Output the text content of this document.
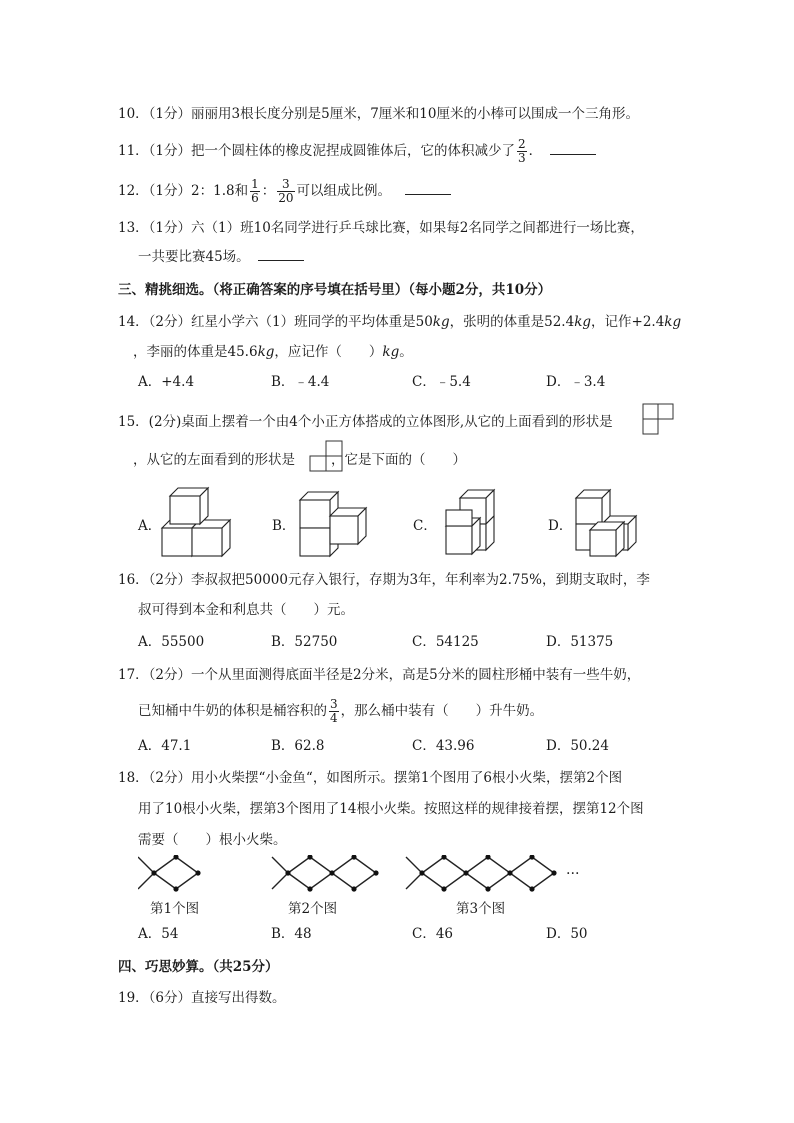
10．（1分）丽丽用3根长度分别是5厘米，7厘米和10厘米的小棒可以围成一个三角形。
11．（1分）把一个圆柱体的橡皮泥捏成圆锥体后，它的体积减少了 $\frac{2}{3}$ ．
12．（1分）2：1.8和 $\frac{1}{6}$ ： $\frac{3}{20}$ 可以组成比例。
13．（1分）六（1）班10名同学进行乒乓球比赛，如果每2名同学之间都进行一场比赛，
一共要比赛45场。
三、精挑细选。（将正确答案的序号填在括号里）（每小题2分，共10分）
14．（2分）红星小学六（1）班同学的平均体重是50kg，张明的体重是52.4kg，记作+2.4kg
，李丽的体重是45.6kg，应记作（　　）kg。
A．+4.4	B．﹣4.4	C．﹣5.4	D．﹣3.4
15．(2分)桌面上摆着一个由4个小正方体搭成的立体图形,从它的上面看到的形状是
，从它的左面看到的形状是	，它是下面的（　　）
A．	B．	C．	D．
16．（2分）李叔叔把50000元存入银行，存期为3年，年利率为2.75%，到期支取时，李
叔可得到本金和利息共（　　）元。
A．55500	B．52750	C．54125	D．51375
17．（2分）一个从里面测得底面半径是2分米，高是5分米的圆柱形桶中装有一些牛奶，
已知桶中牛奶的体积是桶容积的 $\frac{3}{4}$ ，那么桶中装有（　　）升牛奶。
A．47.1	B．62.8	C．43.96	D．50.24
18．（2分）用小火柴摆“小金鱼“，如图所示。摆第1个图用了6根小火柴，摆第2个图
用了10根小火柴，摆第3个图用了14根小火柴。按照这样的规律接着摆，摆第12个图
需要（　　）根小火柴。
…
第1个图	第2个图	第3个图
A．54	B．48	C．46	D．50
四、巧思妙算。（共25分）
19．（6分）直接写出得数。
